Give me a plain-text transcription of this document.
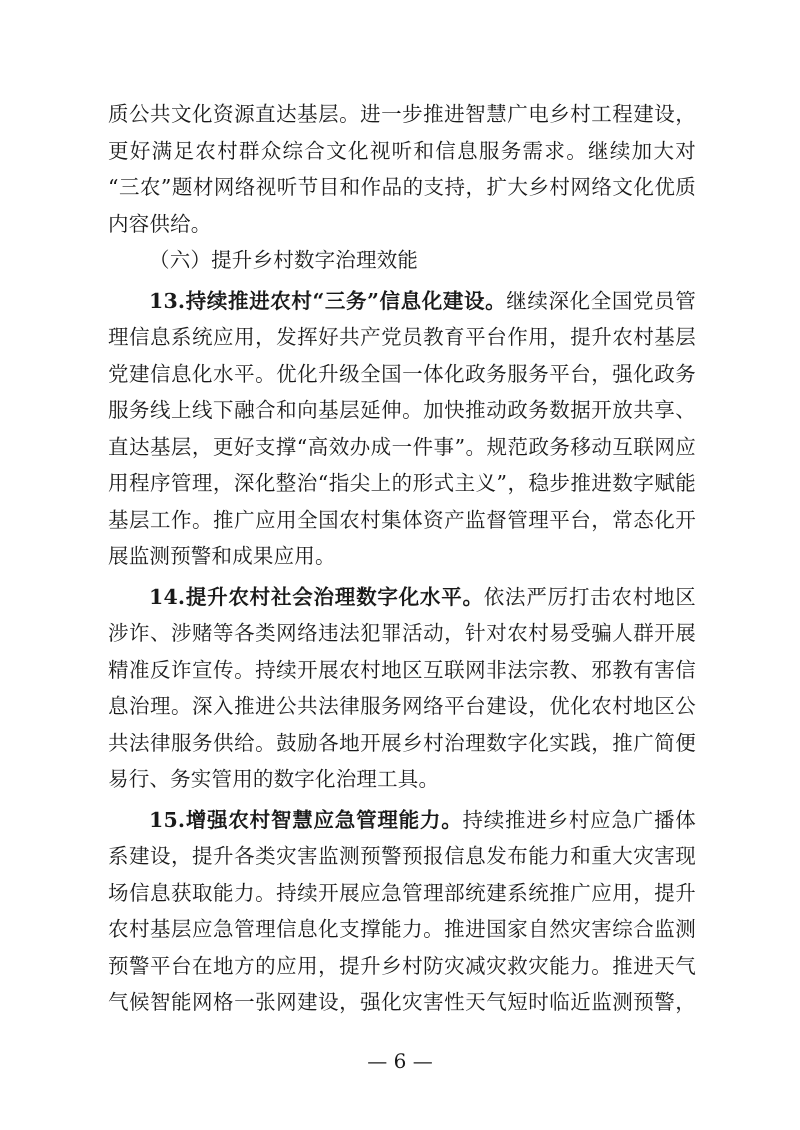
质公共文化资源直达基层。进一步推进智慧广电乡村工程建设，
更好满足农村群众综合文化视听和信息服务需求。继续加大对
“三农”题材网络视听节目和作品的支持，扩大乡村网络文化优质
内容供给。
（六）提升乡村数字治理效能
13.持续推进农村“三务”信息化建设。继续深化全国党员管
理信息系统应用，发挥好共产党员教育平台作用，提升农村基层
党建信息化水平。优化升级全国一体化政务服务平台，强化政务
服务线上线下融合和向基层延伸。加快推动政务数据开放共享、
直达基层，更好支撑“高效办成一件事”。规范政务移动互联网应
用程序管理，深化整治“指尖上的形式主义”，稳步推进数字赋能
基层工作。推广应用全国农村集体资产监督管理平台，常态化开
展监测预警和成果应用。
14.提升农村社会治理数字化水平。依法严厉打击农村地区
涉诈、涉赌等各类网络违法犯罪活动，针对农村易受骗人群开展
精准反诈宣传。持续开展农村地区互联网非法宗教、邪教有害信
息治理。深入推进公共法律服务网络平台建设，优化农村地区公
共法律服务供给。鼓励各地开展乡村治理数字化实践，推广简便
易行、务实管用的数字化治理工具。
15.增强农村智慧应急管理能力。持续推进乡村应急广播体
系建设，提升各类灾害监测预警预报信息发布能力和重大灾害现
场信息获取能力。持续开展应急管理部统建系统推广应用，提升
农村基层应急管理信息化支撑能力。推进国家自然灾害综合监测
预警平台在地方的应用，提升乡村防灾减灾救灾能力。推进天气
气候智能网格一张网建设，强化灾害性天气短时临近监测预警，
— 6 —
